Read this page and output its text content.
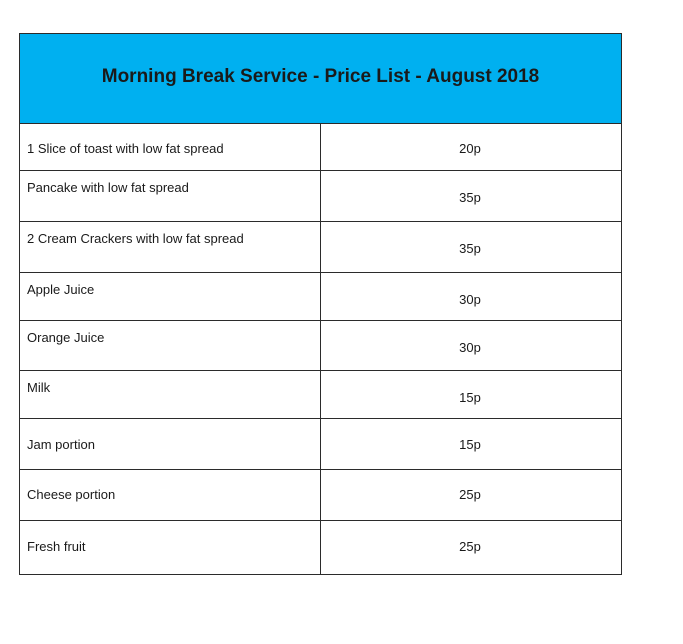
Morning Break Service - Price List - August 2018	
1 Slice of toast with low fat spread	20p
Pancake with low fat spread	35p
2 Cream Crackers with low fat spread	35p
Apple Juice	30p
Orange Juice	30p
Milk	15p
Jam portion	15p
Cheese portion	25p
Fresh fruit	25p
